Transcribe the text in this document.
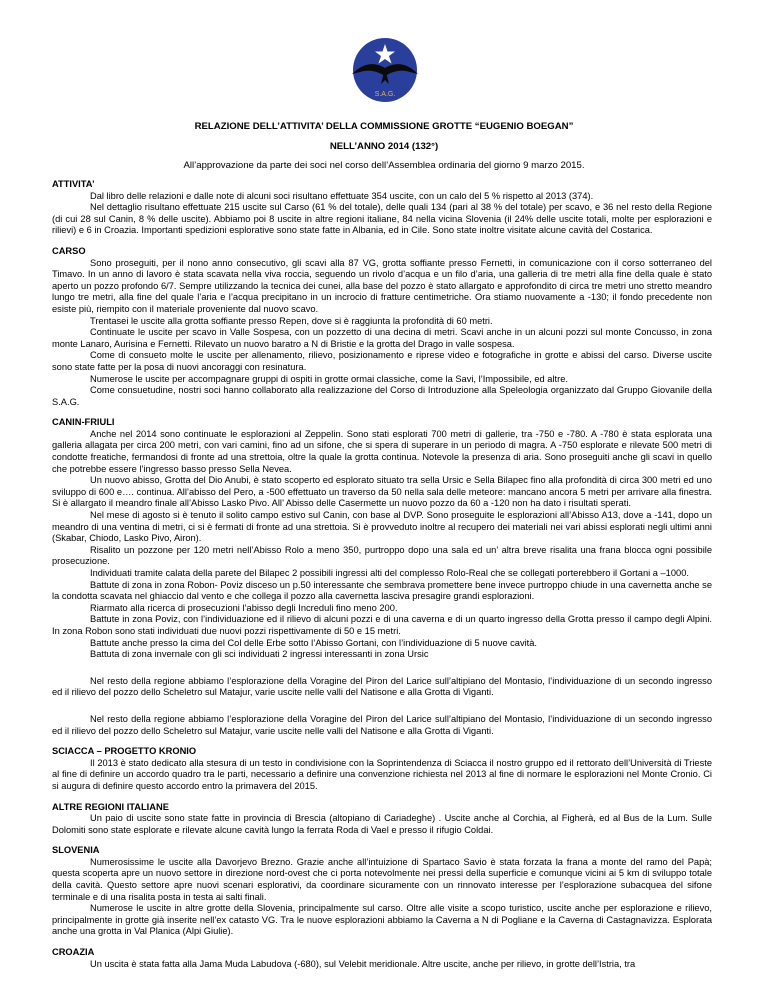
S.A.G.
RELAZIONE DELL’ATTIVITA’ DELLA COMMISSIONE GROTTE “EUGENIO BOEGAN”
NELL’ANNO 2014 (132°)
All’approvazione da parte dei soci nel corso dell’Assemblea ordinaria del giorno 9 marzo 2015.
ATTIVITA’

Dal libro delle relazioni e dalle note di alcuni soci risultano effettuate 354 uscite, con un calo del 5 % rispetto al 2013 (374).

Nel dettaglio risultano effettuate 215 uscite sul Carso (61 % del totale), delle quali 134 (pari al 38 % del totale) per scavo, e 36 nel resto della Regione (di cui 28 sul Canin, 8 % delle uscite). Abbiamo poi 8 uscite in altre regioni italiane, 84 nella vicina Slovenia (il 24% delle uscite totali, molte per esplorazioni e rilievi) e 6 in Croazia. Importanti spedizioni esplorative sono state fatte in Albania, ed in Cile. Sono state inoltre visitate alcune cavità del Costarica.

CARSO

Sono proseguiti, per il nono anno consecutivo, gli scavi alla 87 VG, grotta soffiante presso Fernetti, in comunicazione con il corso sotterraneo del Timavo. In un anno di lavoro è stata scavata nella viva roccia, seguendo un rivolo d’acqua e un filo d’aria, una galleria di tre metri alla fine della quale è stato aperto un pozzo profondo 6/7. Sempre utilizzando la tecnica dei cunei, alla base del pozzo è stato allargato e approfondito di circa tre metri uno stretto meandro lungo tre metri, alla fine del quale l’aria e l’acqua precipitano in un incrocio di fratture centimetriche. Ora stiamo nuovamente a -130; il fondo precedente non esiste più, riempito con il materiale proveniente dal nuovo scavo.

Trentasei le uscite alla grotta soffiante presso Repen, dove si è raggiunta la profondità di 60 metri.

Continuate le uscite per scavo in Valle Sospesa, con un pozzetto di una decina di metri. Scavi anche in un alcuni pozzi sul monte Concusso, in zona monte Lanaro, Aurisina e Fernetti. Rilevato un nuovo baratro a N di Bristie e la grotta del Drago in valle sospesa.

Come di consueto molte le uscite per allenamento, rilievo, posizionamento e riprese video e fotografiche in grotte e abissi del carso. Diverse uscite sono state fatte per la posa di nuovi ancoraggi con resinatura.

Numerose le uscite per accompagnare gruppi di ospiti in grotte ormai classiche, come la Savi, l’Impossibile, ed altre.

Come consuetudine, nostri soci hanno collaborato alla realizzazione del Corso di Introduzione alla Speleologia organizzato dal Gruppo Giovanile della S.A.G.

CANIN-FRIULI

Anche nel 2014 sono continuate le esplorazioni al Zeppelin. Sono stati esplorati 700 metri di gallerie, tra -750 e -780. A -780 è stata esplorata una galleria allagata per circa 200 metri, con vari camini, fino ad un sifone, che si spera di superare in un periodo di magra. A -750 esplorate e rilevate 500 metri di condotte freatiche, fermandosi di fronte ad una strettoia, oltre la quale la grotta continua. Notevole la presenza di aria. Sono proseguiti anche gli scavi in quello che potrebbe essere l’ingresso basso presso Sella Nevea.

Un nuovo abisso, Grotta del Dio Anubi, è stato scoperto ed esplorato situato tra sella Ursic e Sella Bilapec fino alla profondità di circa 300 metri ed uno sviluppo di 600 e…. continua. All’abisso del Pero, a -500 effettuato un traverso da 50 nella sala delle meteore: mancano ancora 5 metri per arrivare alla finestra. Si è allargato il meandro finale all’Abisso Lasko Pivo. All’ Abisso delle Casermette un nuovo pozzo da 60 a -120 non ha dato i risultati sperati.

Nel mese di agosto si è tenuto il solito campo estivo sul Canin, con base al DVP. Sono proseguite le esplorazioni all’Abisso A13, dove a -141, dopo un meandro di una ventina di metri, ci si è fermati di fronte ad una strettoia. Si è provveduto inoltre al recupero dei materiali nei vari abissi esplorati negli ultimi anni (Skabar, Chiodo, Lasko Pivo, Airon).

Risalito un pozzone per 120 metri nell’Abisso Rolo a meno 350, purtroppo dopo una sala ed un’ altra breve risalita una frana blocca ogni possibile prosecuzione.

Individuati tramite calata della parete del Bilapec 2 possibili ingressi alti del complesso Rolo-Real che se collegati porterebbero il Gortani a –1000.

Battute di zona in zona Robon- Poviz disceso un p.50 interessante che sembrava promettere bene invece purtroppo chiude in una cavernetta anche se la condotta scavata nel ghiaccio dal vento e che collega il pozzo alla cavernetta lasciva presagire grandi esplorazioni.

Riarmato alla ricerca di prosecuzioni l’abisso degli Increduli fino meno 200.

Battute in zona Poviz, con l’individuazione ed il rilievo di alcuni pozzi e di una caverna e di un quarto ingresso della Grotta presso il campo degli Alpini. In zona Robon sono stati individuati due nuovi pozzi rispettivamente di 50 e 15 metri.

Battute anche presso la cima del Col delle Erbe sotto l’Abisso Gortani, con l’individuazione di 5 nuove cavità.

Battuta di zona invernale con gli sci individuati 2 ingressi interessanti in zona Ursic

Nel resto della regione abbiamo l’esplorazione della Voragine del Piron del Larice sull’altipiano del Montasio, l’individuazione di un secondo ingresso ed il rilievo del pozzo dello Scheletro sul Matajur, varie uscite nelle valli del Natisone e alla Grotta di Viganti.

Nel resto della regione abbiamo l’esplorazione della Voragine del Piron del Larice sull’altipiano del Montasio, l’individuazione di un secondo ingresso ed il rilievo del pozzo dello Scheletro sul Matajur, varie uscite nelle valli del Natisone e alla Grotta di Viganti.

SCIACCA – PROGETTO KRONIO

Il 2013 è stato dedicato alla stesura di un testo in condivisione con la Soprintendenza di Sciacca il nostro gruppo ed il rettorato dell’Università di Trieste al fine di definire un accordo quadro tra le parti, necessario a definire una convenzione richiesta nel 2013 al fine di normare le esplorazioni nel Monte Cronio. Ci si augura di definire questo accordo entro la primavera del 2015.

ALTRE REGIONI ITALIANE

Un paio di uscite sono state fatte in provincia di Brescia (altopiano di Cariadeghe) . Uscite anche al Corchia, al Figherà, ed al Bus de la Lum. Sulle Dolomiti sono state esplorate e rilevate alcune cavità lungo la ferrata Roda di Vael e presso il rifugio Coldai.

SLOVENIA

Numerosissime le uscite alla Davorjevo Brezno. Grazie anche all’intuizione di Spartaco Savio è stata forzata la frana a monte del ramo del Papà; questa scoperta apre un nuovo settore in direzione nord-ovest che ci porta notevolmente nei pressi della superficie e comunque vicini ai 5 km di sviluppo totale della cavità. Questo settore apre nuovi scenari esplorativi, da coordinare sicuramente con un rinnovato interesse per l’esplorazione subacquea del sifone terminale e di una risalita posta in testa ai salti finali.

Numerose le uscite in altre grotte della Slovenia, principalmente sul carso. Oltre alle visite a scopo turistico, uscite anche per esplorazione e rilievo, principalmente in grotte già inserite nell’ex catasto VG. Tra le nuove esplorazioni abbiamo la Caverna a N di Pogliane e la Caverna di Castagnavizza. Esplorata anche una grotta in Val Planica (Alpi Giulie).

CROAZIA

Un uscita è stata fatta alla Jama Muda Labudova (-680), sul Velebit meridionale. Altre uscite, anche per rilievo, in grotte dell’Istria, tra
